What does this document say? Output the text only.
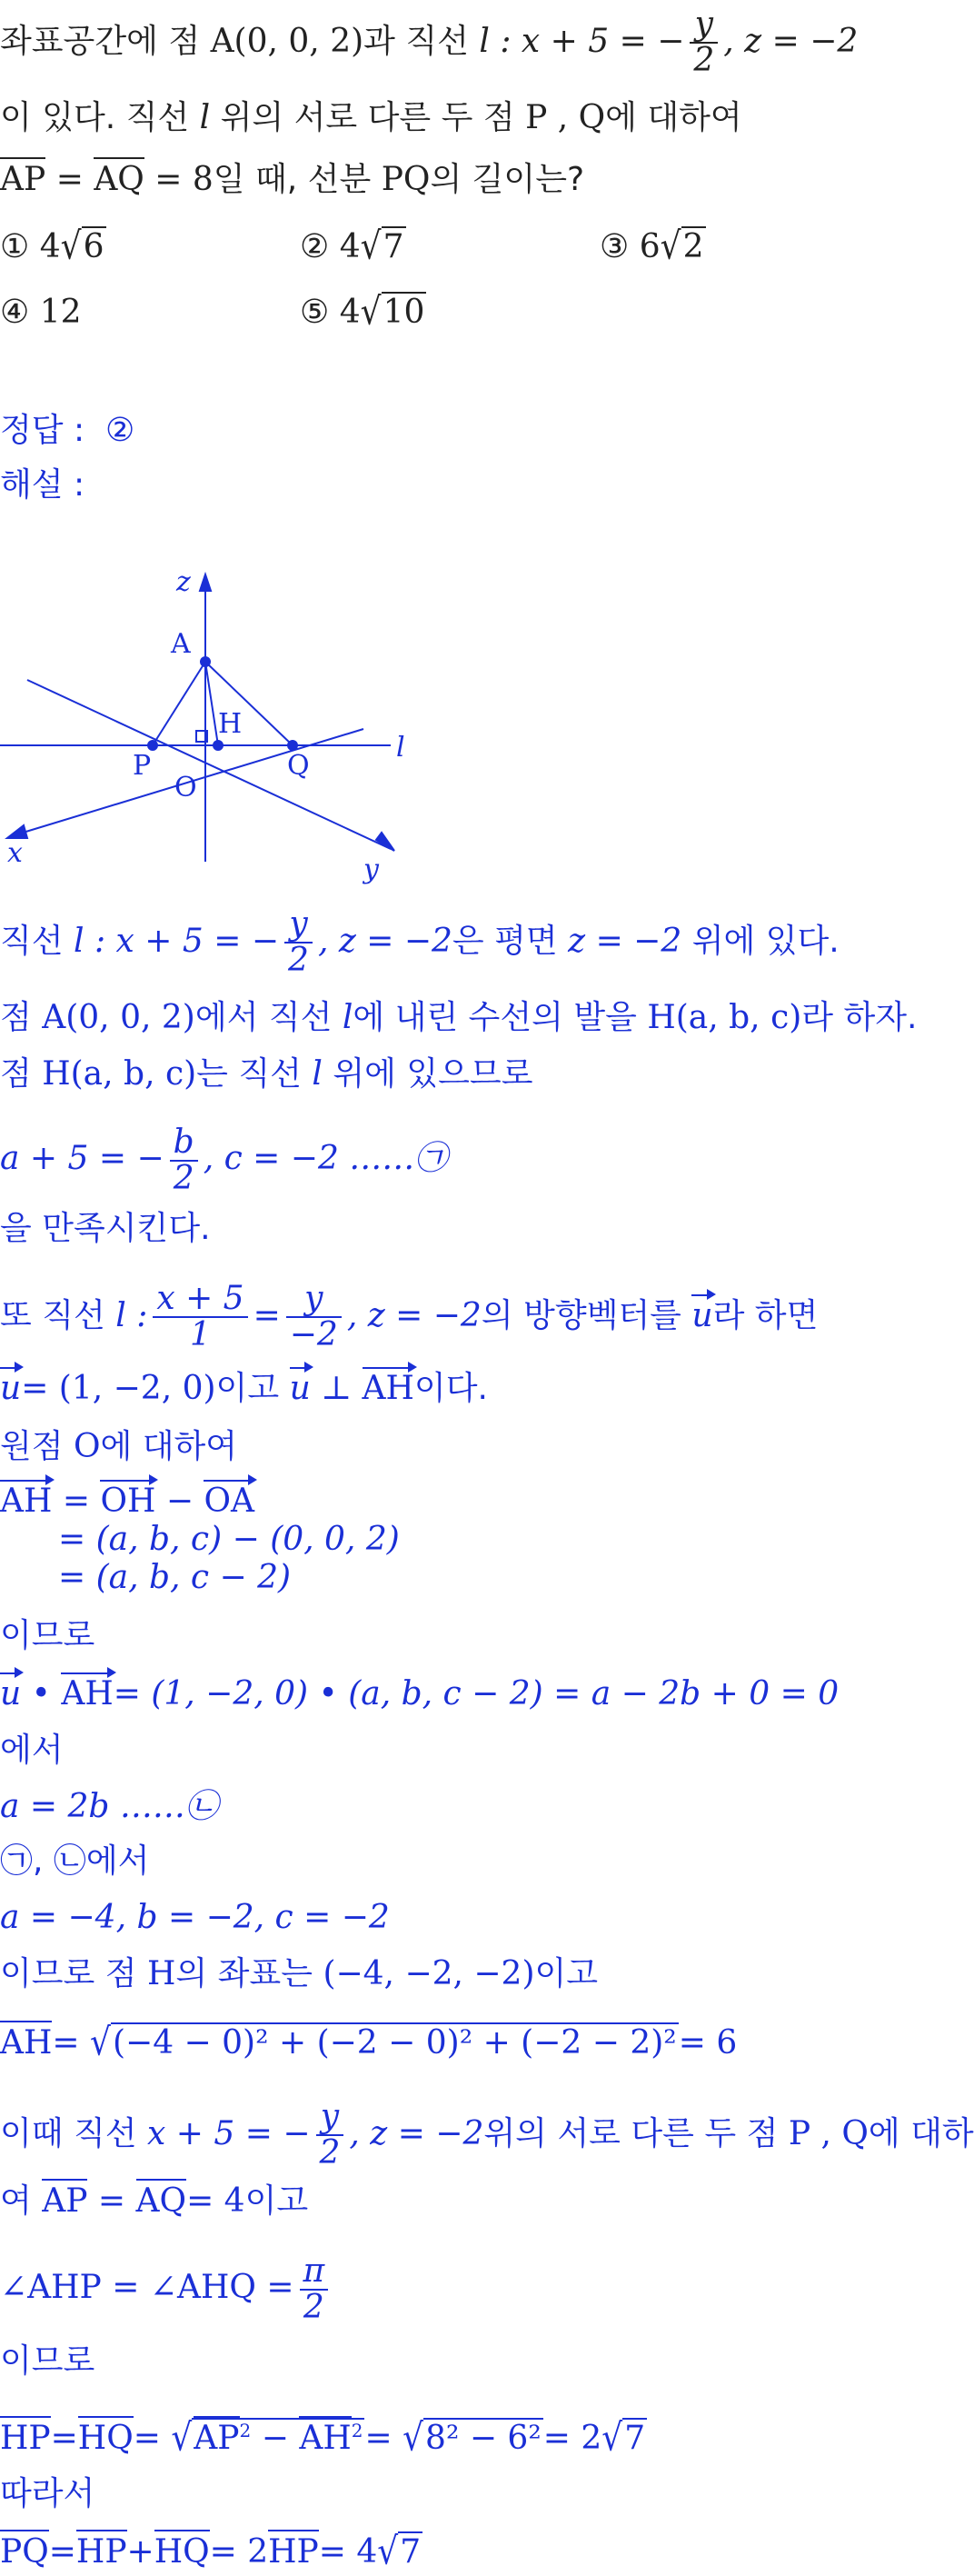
좌표공간에 점 A(0, 0, 2)과 직선 l : x + 5 = − $\frac{y}{2}$ , z = −2
이 있다. 직선 l 위의 서로 다른 두 점 P , Q에 대하여
AP = AQ = 8일 때, 선분 PQ의 길이는?
① 4√6	② 4√7	③ 6√2
④ 12	⑤ 4√10
정답 : ②
해설 :
z
x
y
l
A
H
P	Q
O
직선 l : x + 5 = − $\frac{y}{2}$ , z = −2은 평면 z = −2 위에 있다.
점 A(0, 0, 2)에서 직선 l에 내린 수선의 발을 H(a, b, c)라 하자.
점 H(a, b, c)는 직선 l 위에 있으므로
a + 5 = − $\frac{b}{2}$ , c = −2 ……㉠
을 만족시킨다.
또 직선 l : $\frac{x + 5}{1} = \frac{y}{-2}$ , z = −2의 방향벡터를 u라 하면
u= (1, −2, 0)이고 u ⊥ AH이다.
원점 O에 대하여
AH = OH − OA
= (a, b, c) − (0, 0, 2)
= (a, b, c − 2)
이므로
u • AH= (1, −2, 0) • (a, b, c − 2) = a − 2b + 0 = 0
에서
a = 2b ……㉡
㉠, ㉡에서
a = −4, b = −2, c = −2
이므로 점 H의 좌표는 (−4, −2, −2)이고
AH= √(−4 − 0)² + (−2 − 0)² + (−2 − 2)²= 6
이때 직선 x + 5 = − $\frac{y}{2}$ , z = −2위의 서로 다른 두 점 P , Q에 대하
여 AP = AQ= 4이고
∠AHP = ∠AHQ = $\frac{\pi}{2}$
이므로
$HP=HQ= √AP^2 - AH^2= √8^2 - 6^2= 2√7$
따라서
PQ=HP+HQ= 2HP= 4√7
